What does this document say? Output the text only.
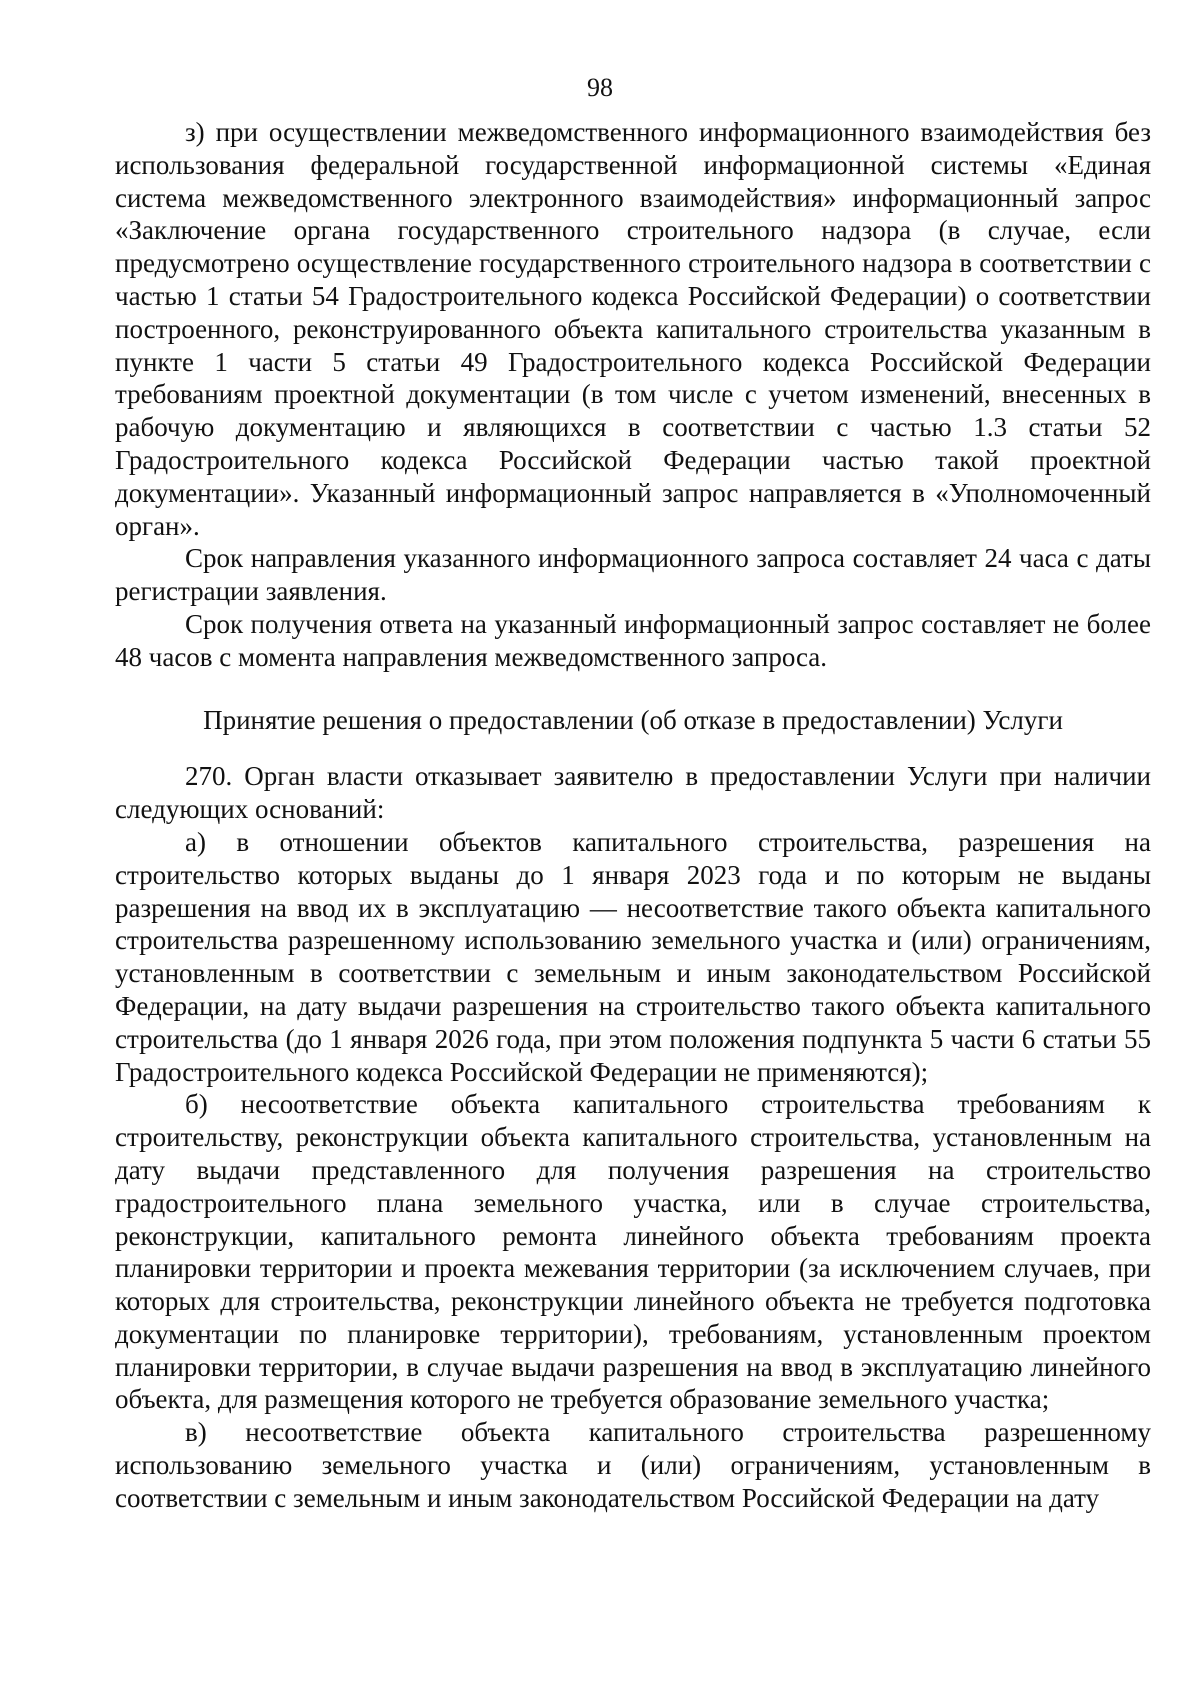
98

з) при осуществлении межведомственного информационного взаимодействия без использования федеральной государственной информационной системы «Единая система межведомственного электронного взаимодействия» информационный запрос «Заключение органа государственного строительного надзора (в случае, если предусмотрено осуществление государственного строительного надзора в соответствии с частью 1 статьи 54 Градостроительного кодекса Российской Федерации) о соответствии построенного, реконструированного объекта капитального строительства указанным в пункте 1 части 5 статьи 49 Градостроительного кодекса Российской Федерации требованиям проектной документации (в том числе с учетом изменений, внесенных в рабочую документацию и являющихся в соответствии с частью 1.3 статьи 52 Градостроительного кодекса Российской Федерации частью такой проектной документации». Указанный информационный запрос направляется в «Уполномоченный орган».

Срок направления указанного информационного запроса составляет 24 часа с даты регистрации заявления.

Срок получения ответа на указанный информационный запрос составляет не более 48 часов с момента направления межведомственного запроса.

Принятие решения о предоставлении (об отказе в предоставлении) Услуги

270. Орган власти отказывает заявителю в предоставлении Услуги при наличии следующих оснований:

а) в отношении объектов капитального строительства, разрешения на строительство которых выданы до 1 января 2023 года и по которым не выданы разрешения на ввод их в эксплуатацию — несоответствие такого объекта капитального строительства разрешенному использованию земельного участка и (или) ограничениям, установленным в соответствии с земельным и иным законодательством Российской Федерации, на дату выдачи разрешения на строительство такого объекта капитального строительства (до 1 января 2026 года, при этом положения подпункта 5 части 6 статьи 55 Градостроительного кодекса Российской Федерации не применяются);

б) несоответствие объекта капитального строительства требованиям к строительству, реконструкции объекта капитального строительства, установленным на дату выдачи представленного для получения разрешения на строительство градостроительного плана земельного участка, или в случае строительства, реконструкции, капитального ремонта линейного объекта требованиям проекта планировки территории и проекта межевания территории (за исключением случаев, при которых для строительства, реконструкции линейного объекта не требуется подготовка документации по планировке территории), требованиям, установленным проектом планировки территории, в случае выдачи разрешения на ввод в эксплуатацию линейного объекта, для размещения которого не требуется образование земельного участка;

в) несоответствие объекта капитального строительства разрешенному использованию земельного участка и (или) ограничениям, установленным в соответствии с земельным и иным законодательством Российской Федерации на дату
